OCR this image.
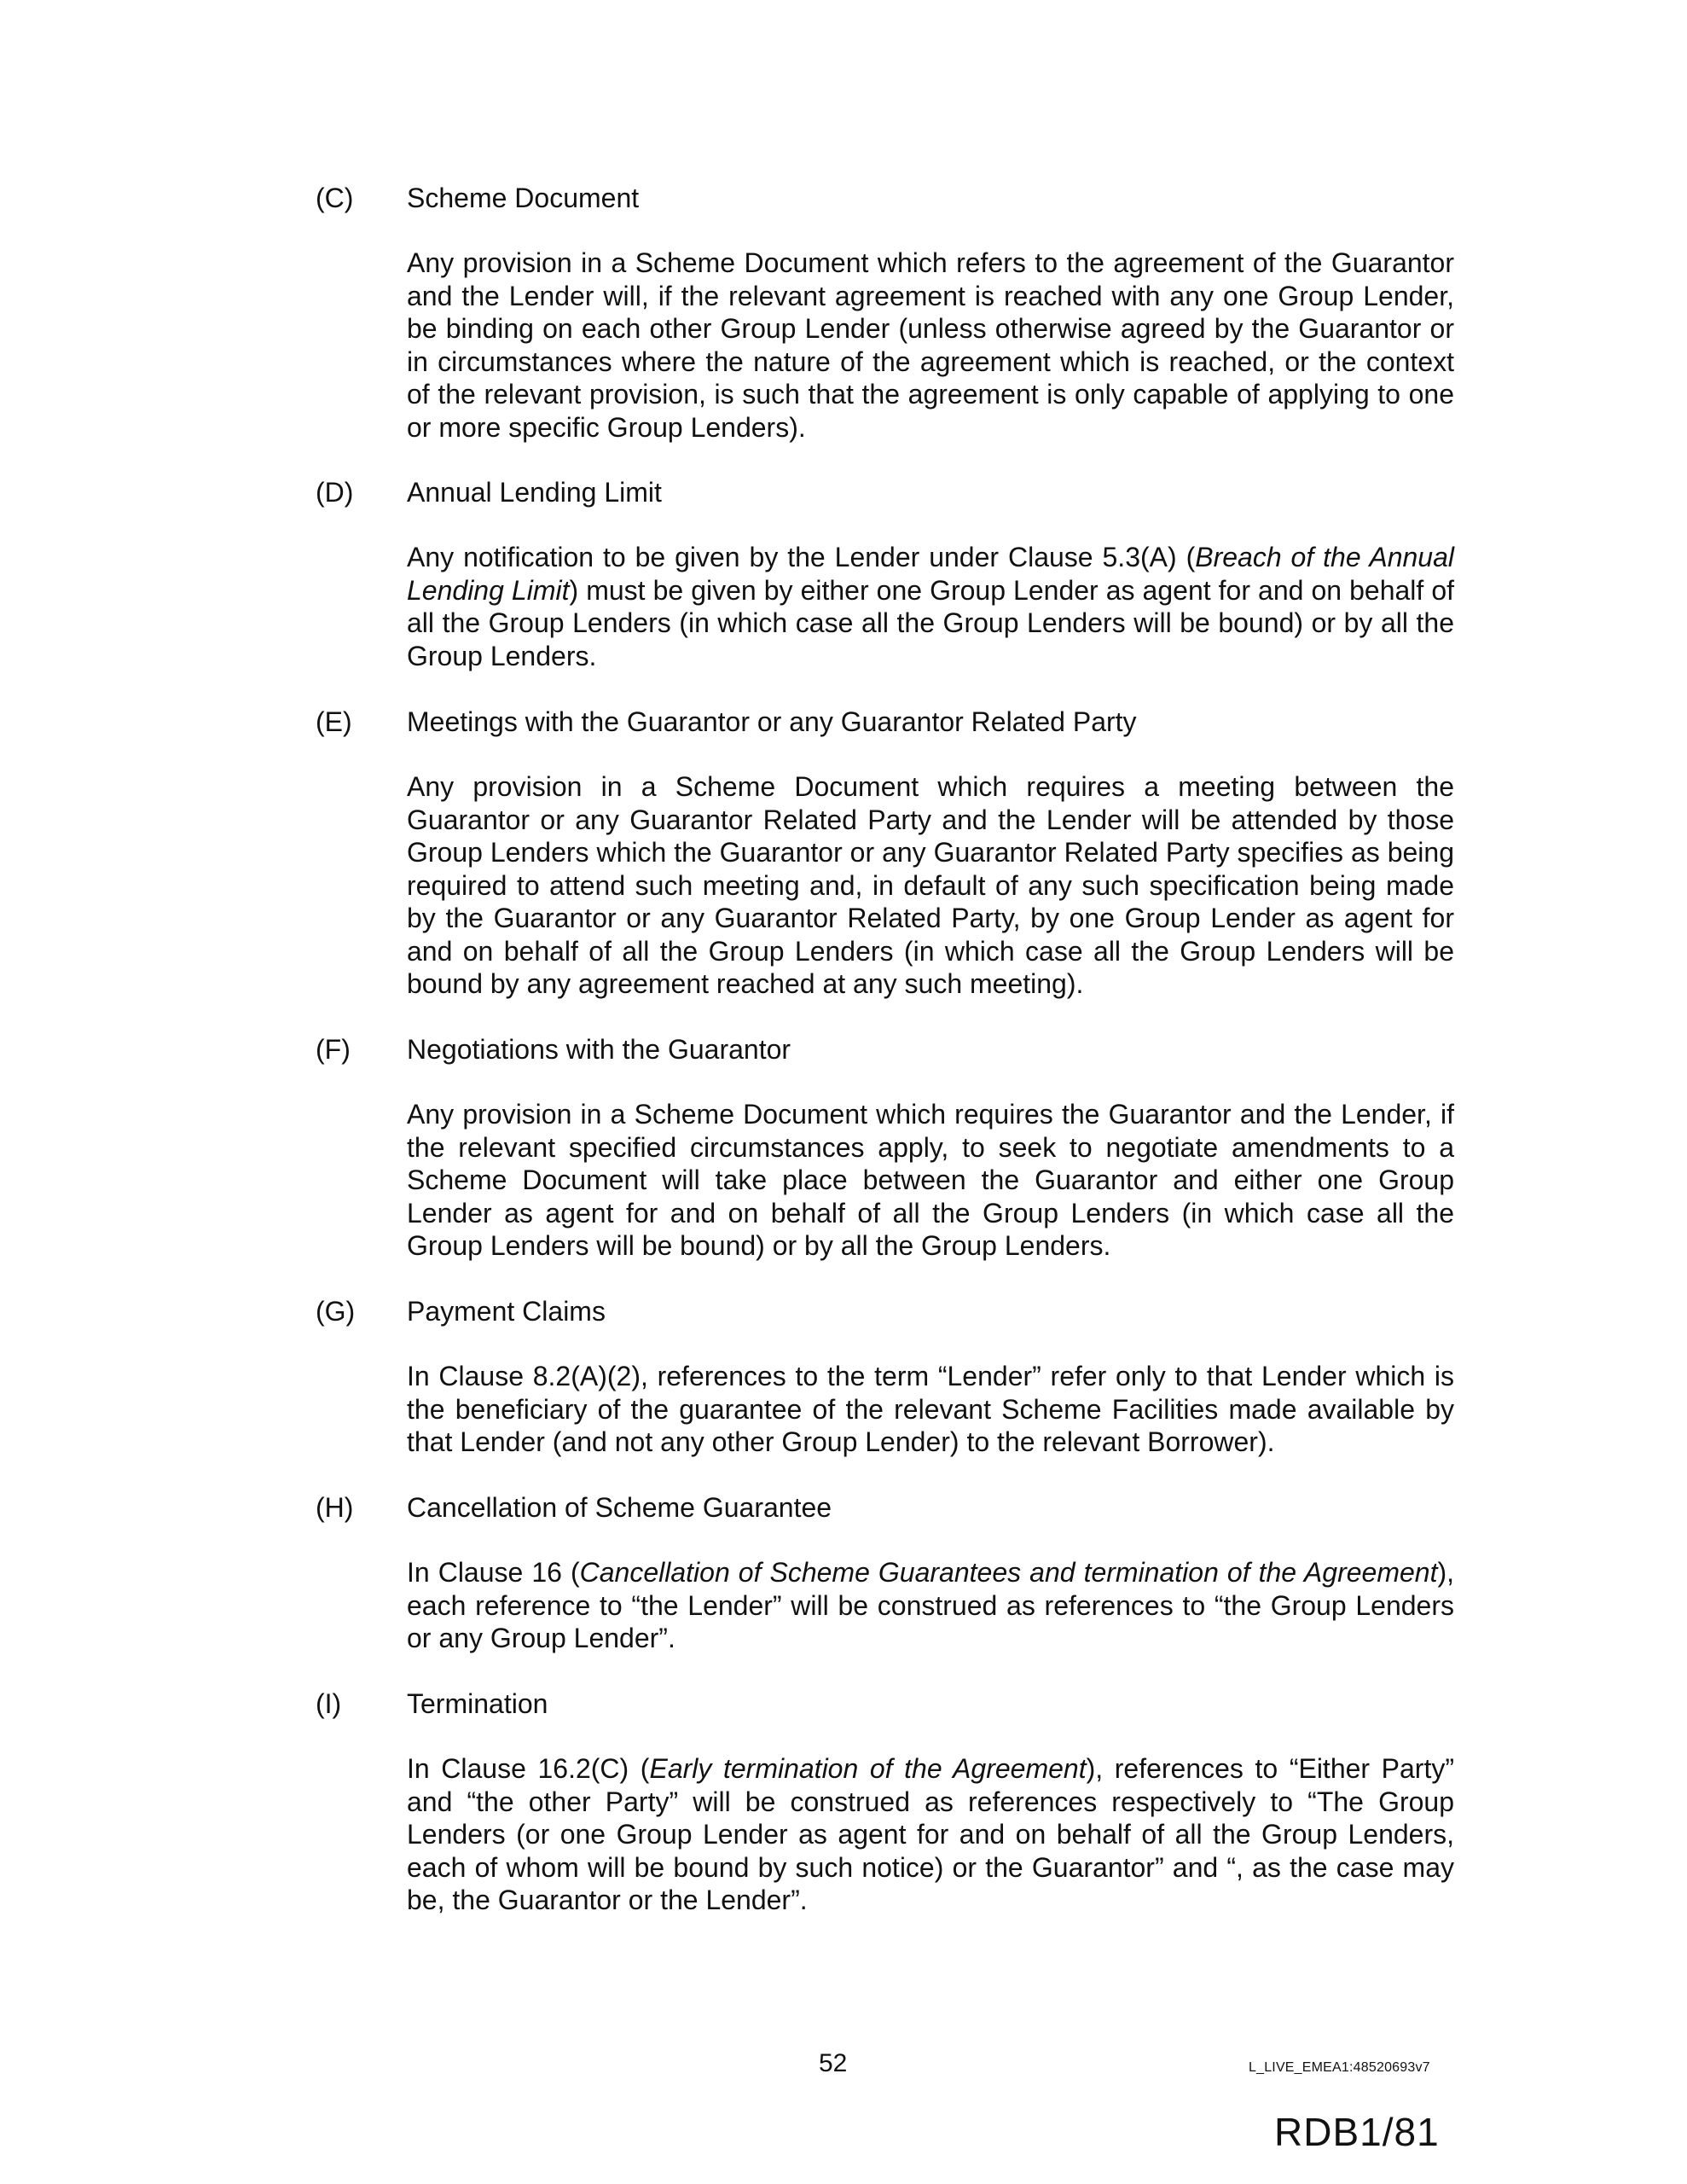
(C) Scheme Document

Any provision in a Scheme Document which refers to the agreement of the Guarantor and the Lender will, if the relevant agreement is reached with any one Group Lender, be binding on each other Group Lender (unless otherwise agreed by the Guarantor or in circumstances where the nature of the agreement which is reached, or the context of the relevant provision, is such that the agreement is only capable of applying to one or more specific Group Lenders).

(D) Annual Lending Limit

Any notification to be given by the Lender under Clause 5.3(A) (Breach of the Annual Lending Limit) must be given by either one Group Lender as agent for and on behalf of all the Group Lenders (in which case all the Group Lenders will be bound) or by all the Group Lenders.

(E) Meetings with the Guarantor or any Guarantor Related Party

Any provision in a Scheme Document which requires a meeting between the Guarantor or any Guarantor Related Party and the Lender will be attended by those Group Lenders which the Guarantor or any Guarantor Related Party specifies as being required to attend such meeting and, in default of any such specification being made by the Guarantor or any Guarantor Related Party, by one Group Lender as agent for and on behalf of all the Group Lenders (in which case all the Group Lenders will be bound by any agreement reached at any such meeting).

(F) Negotiations with the Guarantor

Any provision in a Scheme Document which requires the Guarantor and the Lender, if the relevant specified circumstances apply, to seek to negotiate amendments to a Scheme Document will take place between the Guarantor and either one Group Lender as agent for and on behalf of all the Group Lenders (in which case all the Group Lenders will be bound) or by all the Group Lenders.

(G) Payment Claims

In Clause 8.2(A)(2), references to the term “Lender” refer only to that Lender which is the beneficiary of the guarantee of the relevant Scheme Facilities made available by that Lender (and not any other Group Lender) to the relevant Borrower).

(H) Cancellation of Scheme Guarantee

In Clause 16 (Cancellation of Scheme Guarantees and termination of the Agreement), each reference to “the Lender” will be construed as references to “the Group Lenders or any Group Lender”.

(I) Termination

In Clause 16.2(C) (Early termination of the Agreement), references to “Either Party” and “the other Party” will be construed as references respectively to “The Group Lenders (or one Group Lender as agent for and on behalf of all the Group Lenders, each of whom will be bound by such notice) or the Guarantor” and “, as the case may be, the Guarantor or the Lender”.

52	L_LIVE_EMEA1:48520693v7
RDB1/81
